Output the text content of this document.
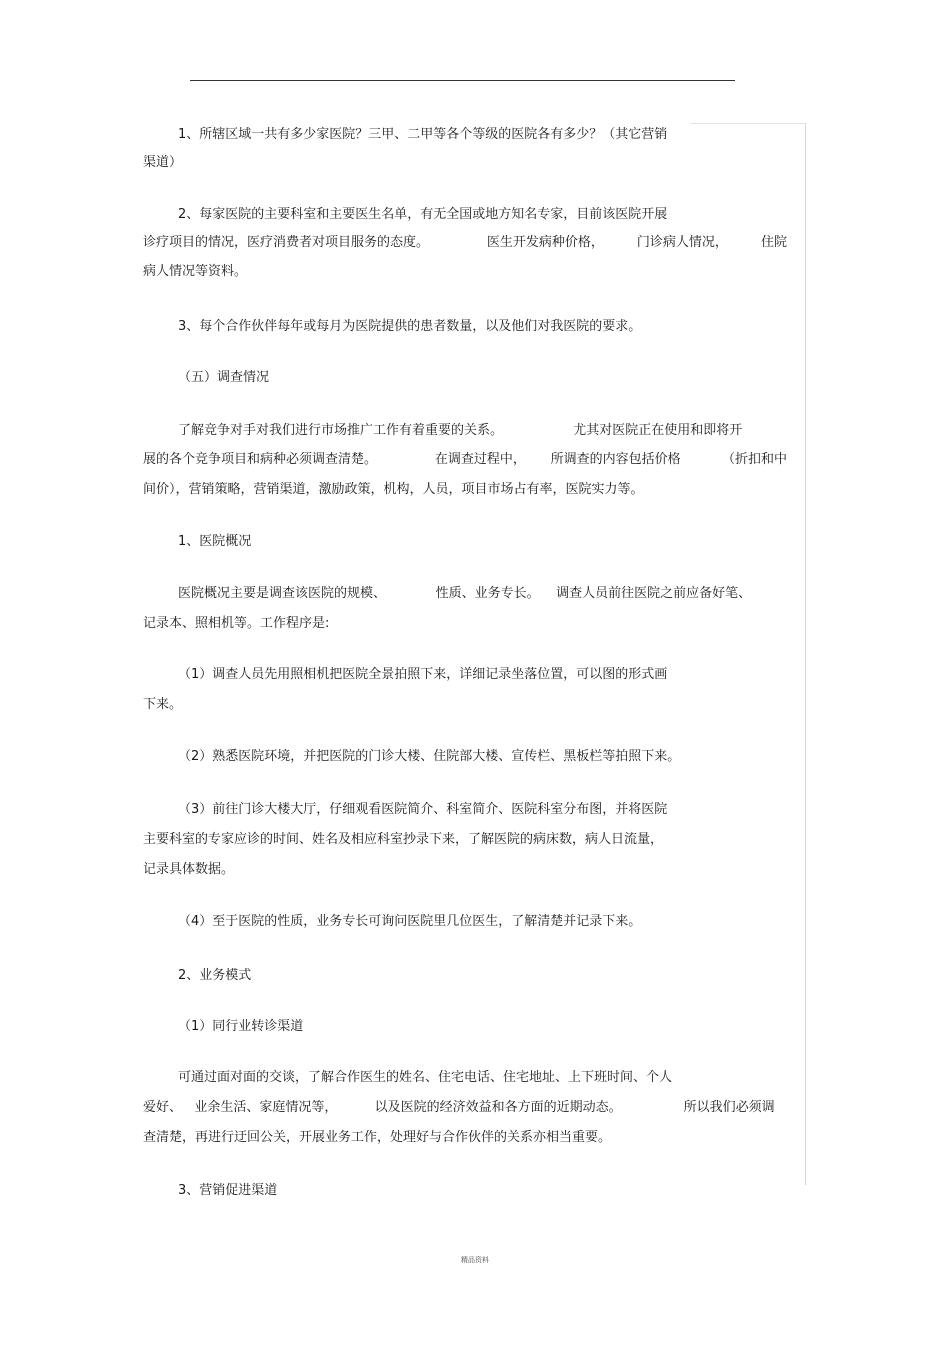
1、所辖区域一共有多少家医院？三甲、二甲等各个等级的医院各有多少？（其它营销
渠道）
2、每家医院的主要科室和主要医生名单，有无全国或地方知名专家，目前该医院开展
诊疗项目的情况，医疗消费者对项目服务的态度。              医生开发病种价格，        门诊病人情况，        住院
病人情况等资料。
3、每个合作伙伴每年或每月为医院提供的患者数量，以及他们对我医院的要求。
（五）调查情况
了解竞争对手对我们进行市场推广工作有着重要的关系。                 尤其对医院正在使用和即将开
展的各个竞争项目和病种必须调查清楚。              在调查过程中，      所调查的内容包括价格          （折扣和中
间价），营销策略，营销渠道，激励政策，机构，人员，项目市场占有率，医院实力等。
1、医院概况
医院概况主要是调查该医院的规模、            性质、业务专长。    调查人员前往医院之前应备好笔、
记录本、照相机等。工作程序是:
（1）调查人员先用照相机把医院全景拍照下来，详细记录坐落位置，可以图的形式画
下来。
（2）熟悉医院环境，并把医院的门诊大楼、住院部大楼、宣传栏、黑板栏等拍照下来。
（3）前往门诊大楼大厅，仔细观看医院简介、科室简介、医院科室分布图，并将医院
主要科室的专家应诊的时间、姓名及相应科室抄录下来，了解医院的病床数，病人日流量，
记录具体数据。
（4）至于医院的性质，业务专长可询问医院里几位医生，了解清楚并记录下来。
2、业务模式
（1）同行业转诊渠道
可通过面对面的交谈，了解合作医生的姓名、住宅电话、住宅地址、上下班时间、个人
爱好、   业余生活、家庭情况等，         以及医院的经济效益和各方面的近期动态。               所以我们必须调
查清楚，再进行迂回公关，开展业务工作，处理好与合作伙伴的关系亦相当重要。
3、营销促进渠道
精品资料
